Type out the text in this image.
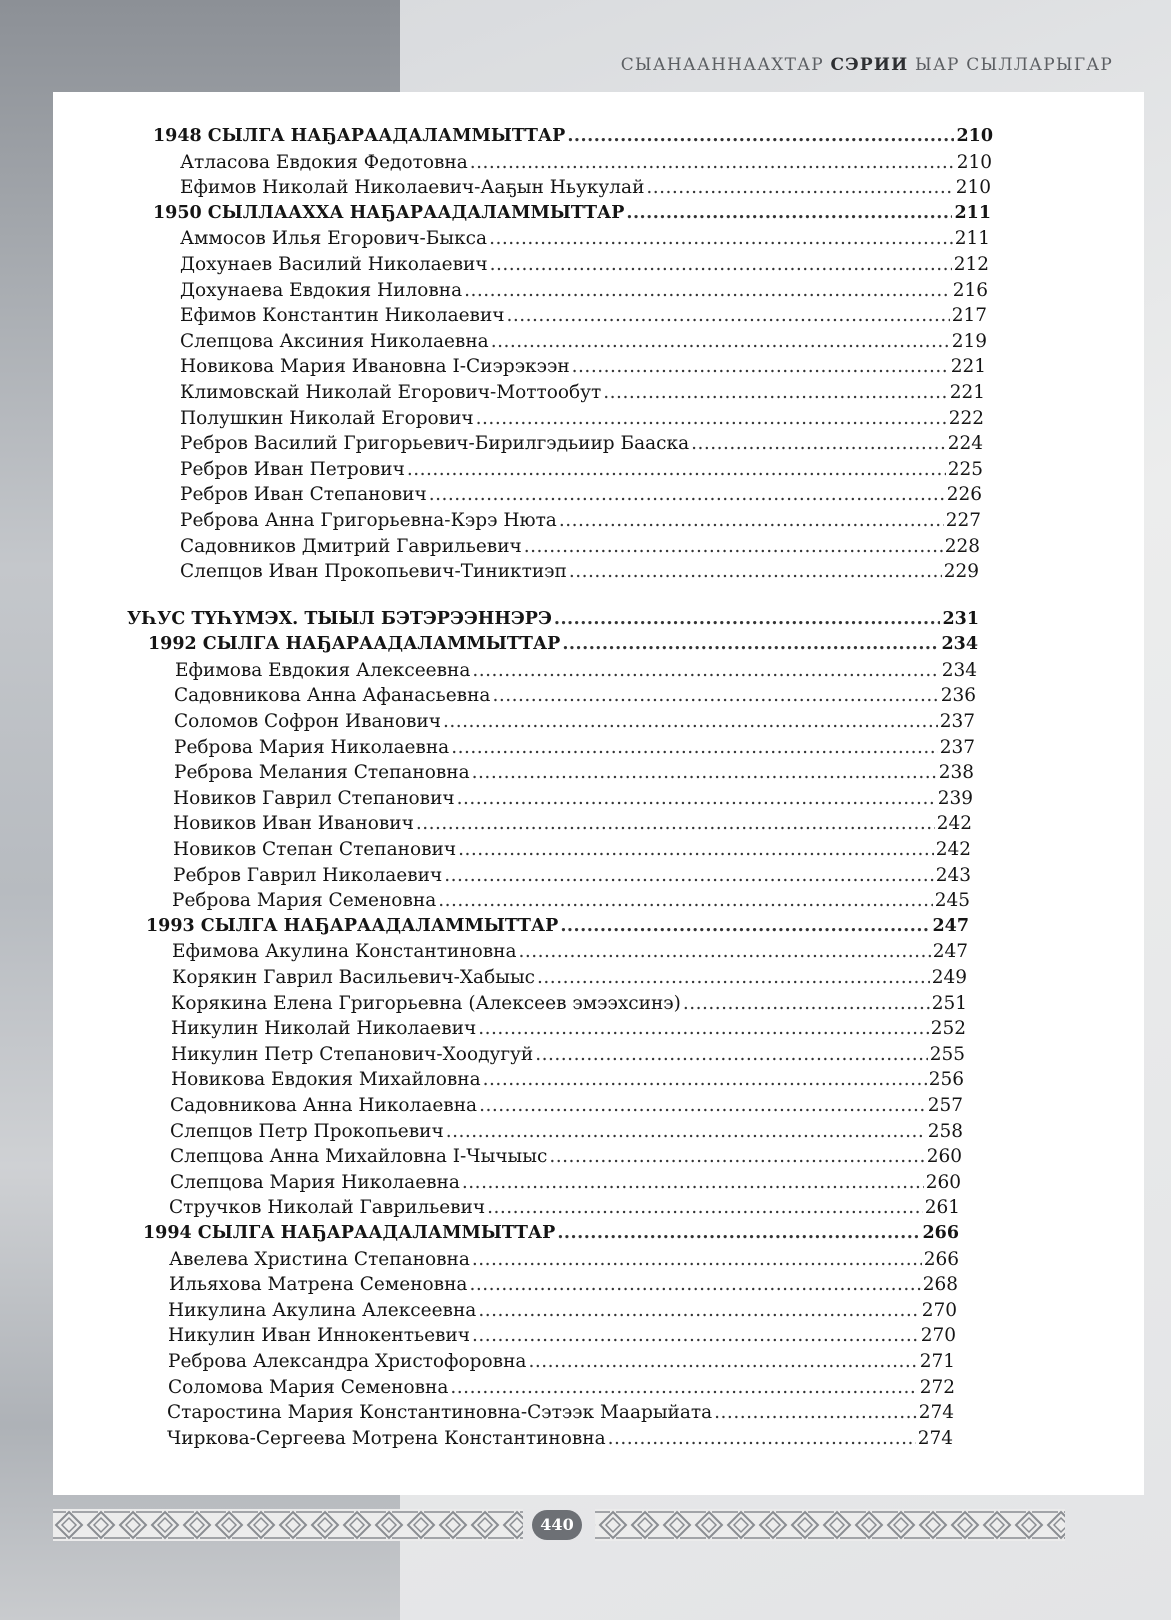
СЫАНААННААХТАР СЭРИИ ЫАР СЫЛЛАРЫГАР
1948 СЫЛГА НАҔАРААДАЛАММЫТТАР .....	210
Атласова Евдокия Федотовна .....	210
Ефимов Николай Николаевич-Ааҕын Ньукулай .....	210
1950 СЫЛЛААХХА НАҔАРААДАЛАММЫТТАР .....	211
Аммосов Илья Егорович-Быкса .....	211
Дохунаев Василий Николаевич .....	212
Дохунаева Евдокия Ниловна .....	216
Ефимов Константин Николаевич .....	217
Слепцова Аксиния Николаевна .....	219
Новикова Мария Ивановна І-Сиэрэкээн .....	221
Климовскай Николай Егорович-Моттообут .....	221
Полушкин Николай Егорович .....	222
Ребров Василий Григорьевич-Бирилгэдьиир Бааска .....	224
Ребров Иван Петрович .....	225
Ребров Иван Степанович .....	226
Реброва Анна Григорьевна-Кэрэ Нюта .....	227
Садовников Дмитрий Гаврильевич .....	228
Слепцов Иван Прокопьевич-Тиниктиэп .....	229
УҺУС ТҮҺҮМЭХ. ТЫЫЛ БЭТЭРЭЭННЭРЭ .....	231
1992 СЫЛГА НАҔАРААДАЛАММЫТТАР .....	234
Ефимова Евдокия Алексеевна .....	234
Садовникова Анна Афанасьевна .....	236
Соломов Софрон Иванович .....	237
Реброва Мария Николаевна .....	237
Реброва Мелания Степановна .....	238
Новиков Гаврил Степанович .....	239
Новиков Иван Иванович .....	242
Новиков Степан Степанович .....	242
Ребров Гаврил Николаевич .....	243
Реброва Мария Семеновна .....	245
1993 СЫЛГА НАҔАРААДАЛАММЫТТАР .....	247
Ефимова Акулина Константиновна .....	247
Корякин Гаврил Васильевич-Хабыыс .....	249
Корякина Елена Григорьевна (Алексеев эмээхсинэ) .....	251
Никулин Николай Николаевич .....	252
Никулин Петр Степанович-Хоодугуй .....	255
Новикова Евдокия Михайловна .....	256
Садовникова Анна Николаевна .....	257
Слепцов Петр Прокопьевич .....	258
Слепцова Анна Михайловна І-Чычыыс .....	260
Слепцова Мария Николаевна .....	260
Стручков Николай Гаврильевич .....	261
1994 СЫЛГА НАҔАРААДАЛАММЫТТАР .....	266
Авелева Христина Степановна .....	266
Ильяхова Матрена Семеновна .....	268
Никулина Акулина Алексеевна .....	270
Никулин Иван Иннокентьевич .....	270
Реброва Александра Христофоровна .....	271
Соломова Мария Семеновна .....	272
Старостина Мария Константиновна-Сэтээк Маарыйата .....	274
Чиркова-Сергеева Мотрена Константиновна .....	274
440
